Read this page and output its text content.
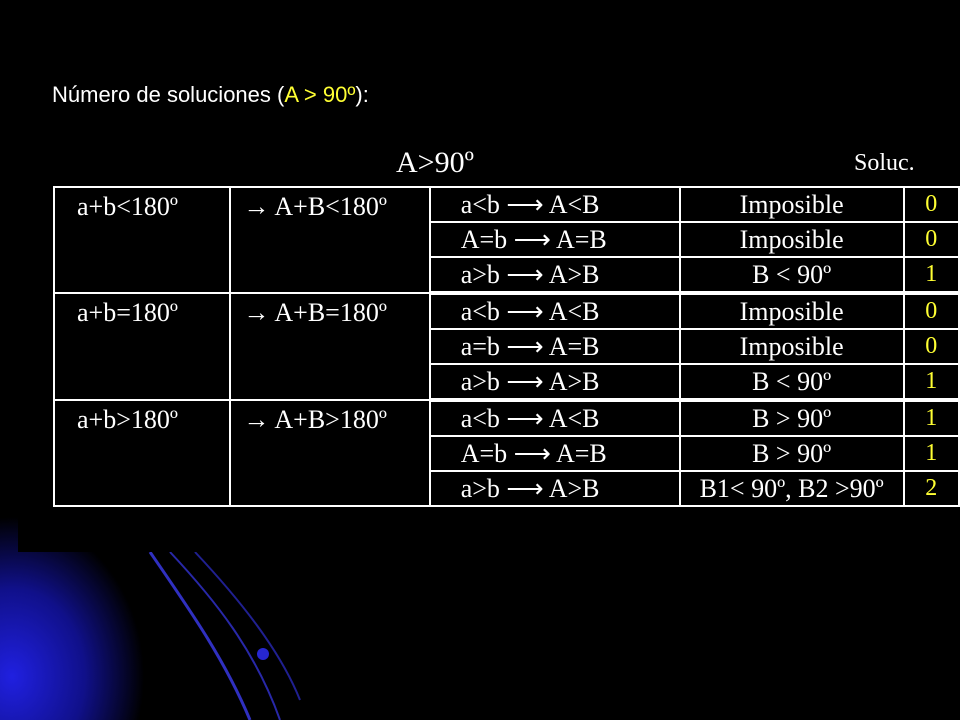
Número de soluciones (A > 90º):
A>90º	Soluc.
a+b<180º	→ A+B<180º	a<b ⟶ A<B	Imposible	0
		A=b ⟶ A=B	Imposible	0
		a>b ⟶ A>B	B < 90º	1
a+b=180º	→ A+B=180º	a<b ⟶ A<B	Imposible	0
		a=b ⟶ A=B	Imposible	0
		a>b ⟶ A>B	B < 90º	1
a+b>180º	→ A+B>180º	a<b ⟶ A<B	B > 90º	1
		A=b ⟶ A=B	B > 90º	1
		a>b ⟶ A>B	B1< 90º, B2 >90º	2
